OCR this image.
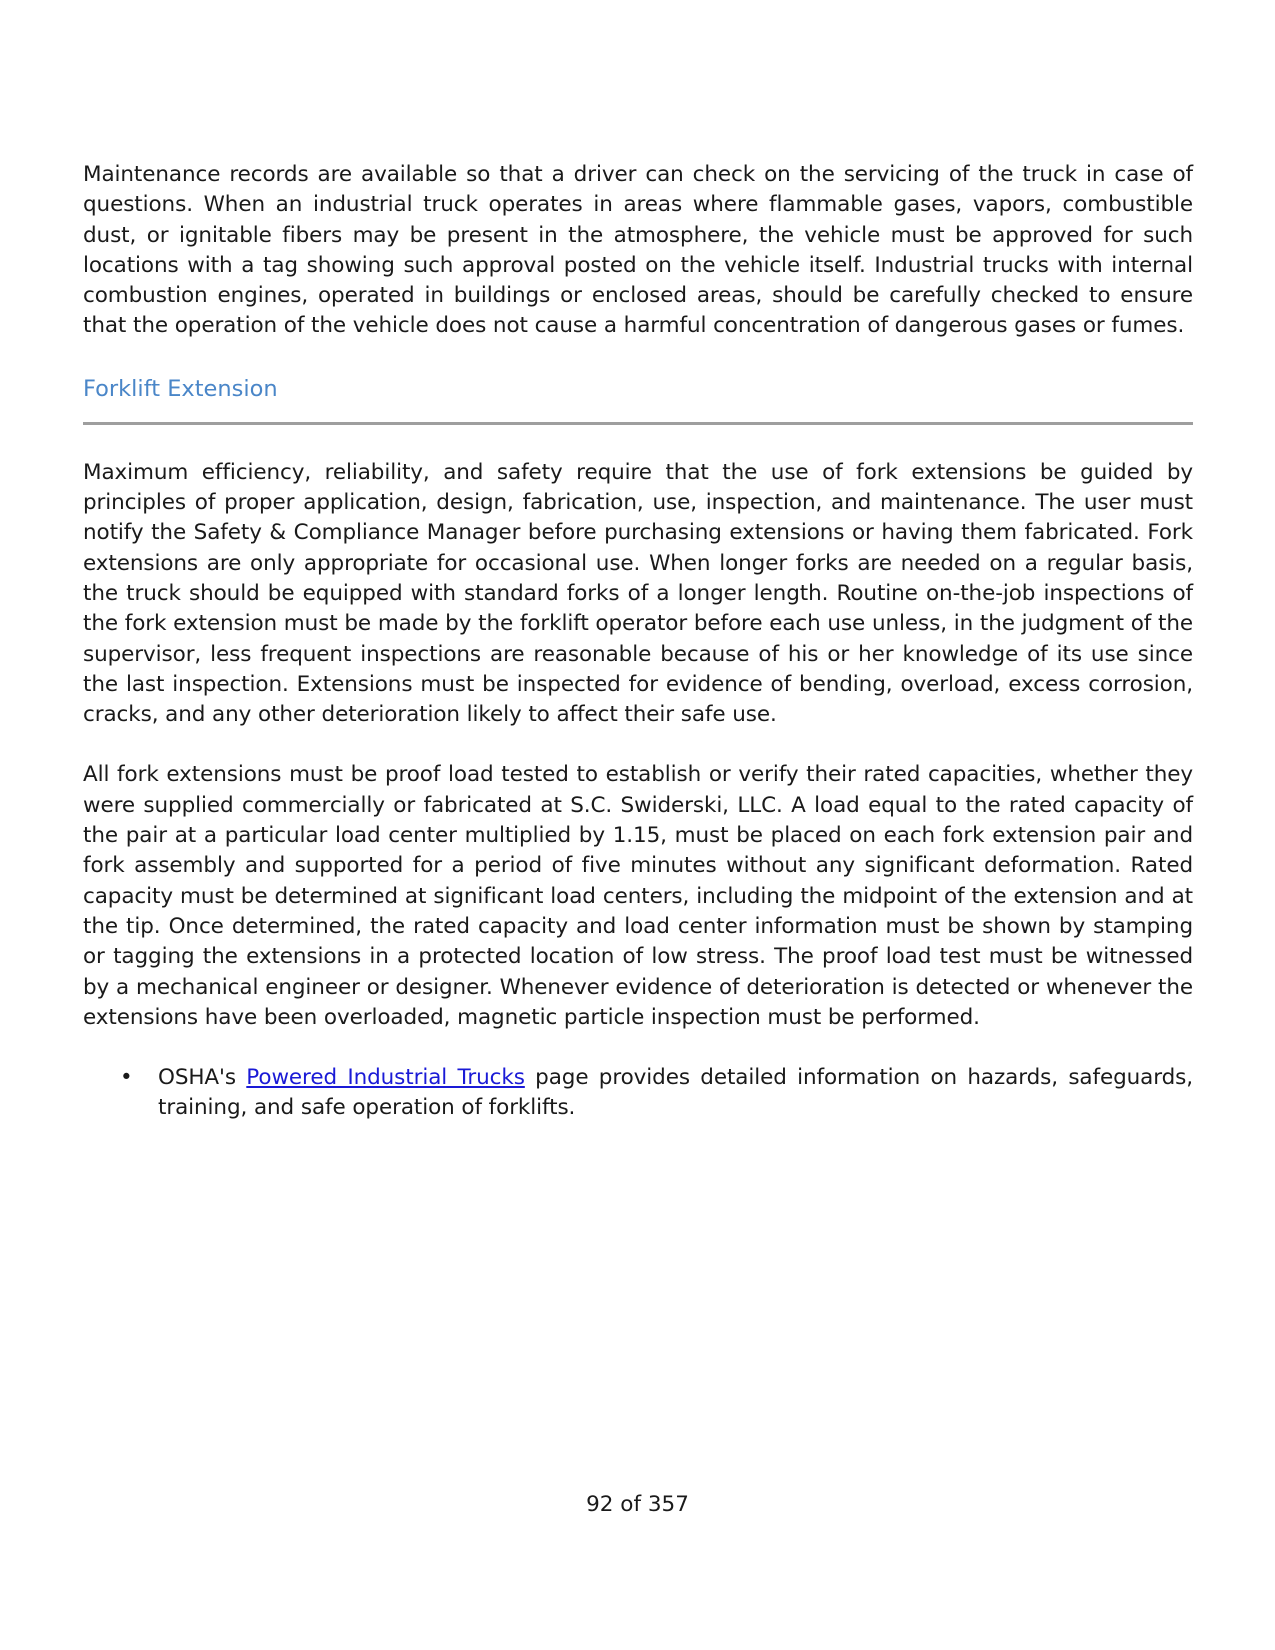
Maintenance records are available so that a driver can check on the servicing of the truck in case of questions. When an industrial truck operates in areas where flammable gases, vapors, combustible dust, or ignitable fibers may be present in the atmosphere, the vehicle must be approved for such locations with a tag showing such approval posted on the vehicle itself. Industrial trucks with internal combustion engines, operated in buildings or enclosed areas, should be carefully checked to ensure that the operation of the vehicle does not cause a harmful concentration of dangerous gases or fumes.

Forklift Extension

Maximum efficiency, reliability, and safety require that the use of fork extensions be guided by principles of proper application, design, fabrication, use, inspection, and maintenance. The user must notify the Safety & Compliance Manager before purchasing extensions or having them fabricated. Fork extensions are only appropriate for occasional use. When longer forks are needed on a regular basis, the truck should be equipped with standard forks of a longer length. Routine on-the-job inspections of the fork extension must be made by the forklift operator before each use unless, in the judgment of the supervisor, less frequent inspections are reasonable because of his or her knowledge of its use since the last inspection. Extensions must be inspected for evidence of bending, overload, excess corrosion, cracks, and any other deterioration likely to affect their safe use.

All fork extensions must be proof load tested to establish or verify their rated capacities, whether they were supplied commercially or fabricated at S.C. Swiderski, LLC. A load equal to the rated capacity of the pair at a particular load center multiplied by 1.15, must be placed on each fork extension pair and fork assembly and supported for a period of five minutes without any significant deformation. Rated capacity must be determined at significant load centers, including the midpoint of the extension and at the tip. Once determined, the rated capacity and load center information must be shown by stamping or tagging the extensions in a protected location of low stress. The proof load test must be witnessed by a mechanical engineer or designer. Whenever evidence of deterioration is detected or whenever the extensions have been overloaded, magnetic particle inspection must be performed.

• OSHA's Powered Industrial Trucks page provides detailed information on hazards, safeguards, training, and safe operation of forklifts.
92 of 357
